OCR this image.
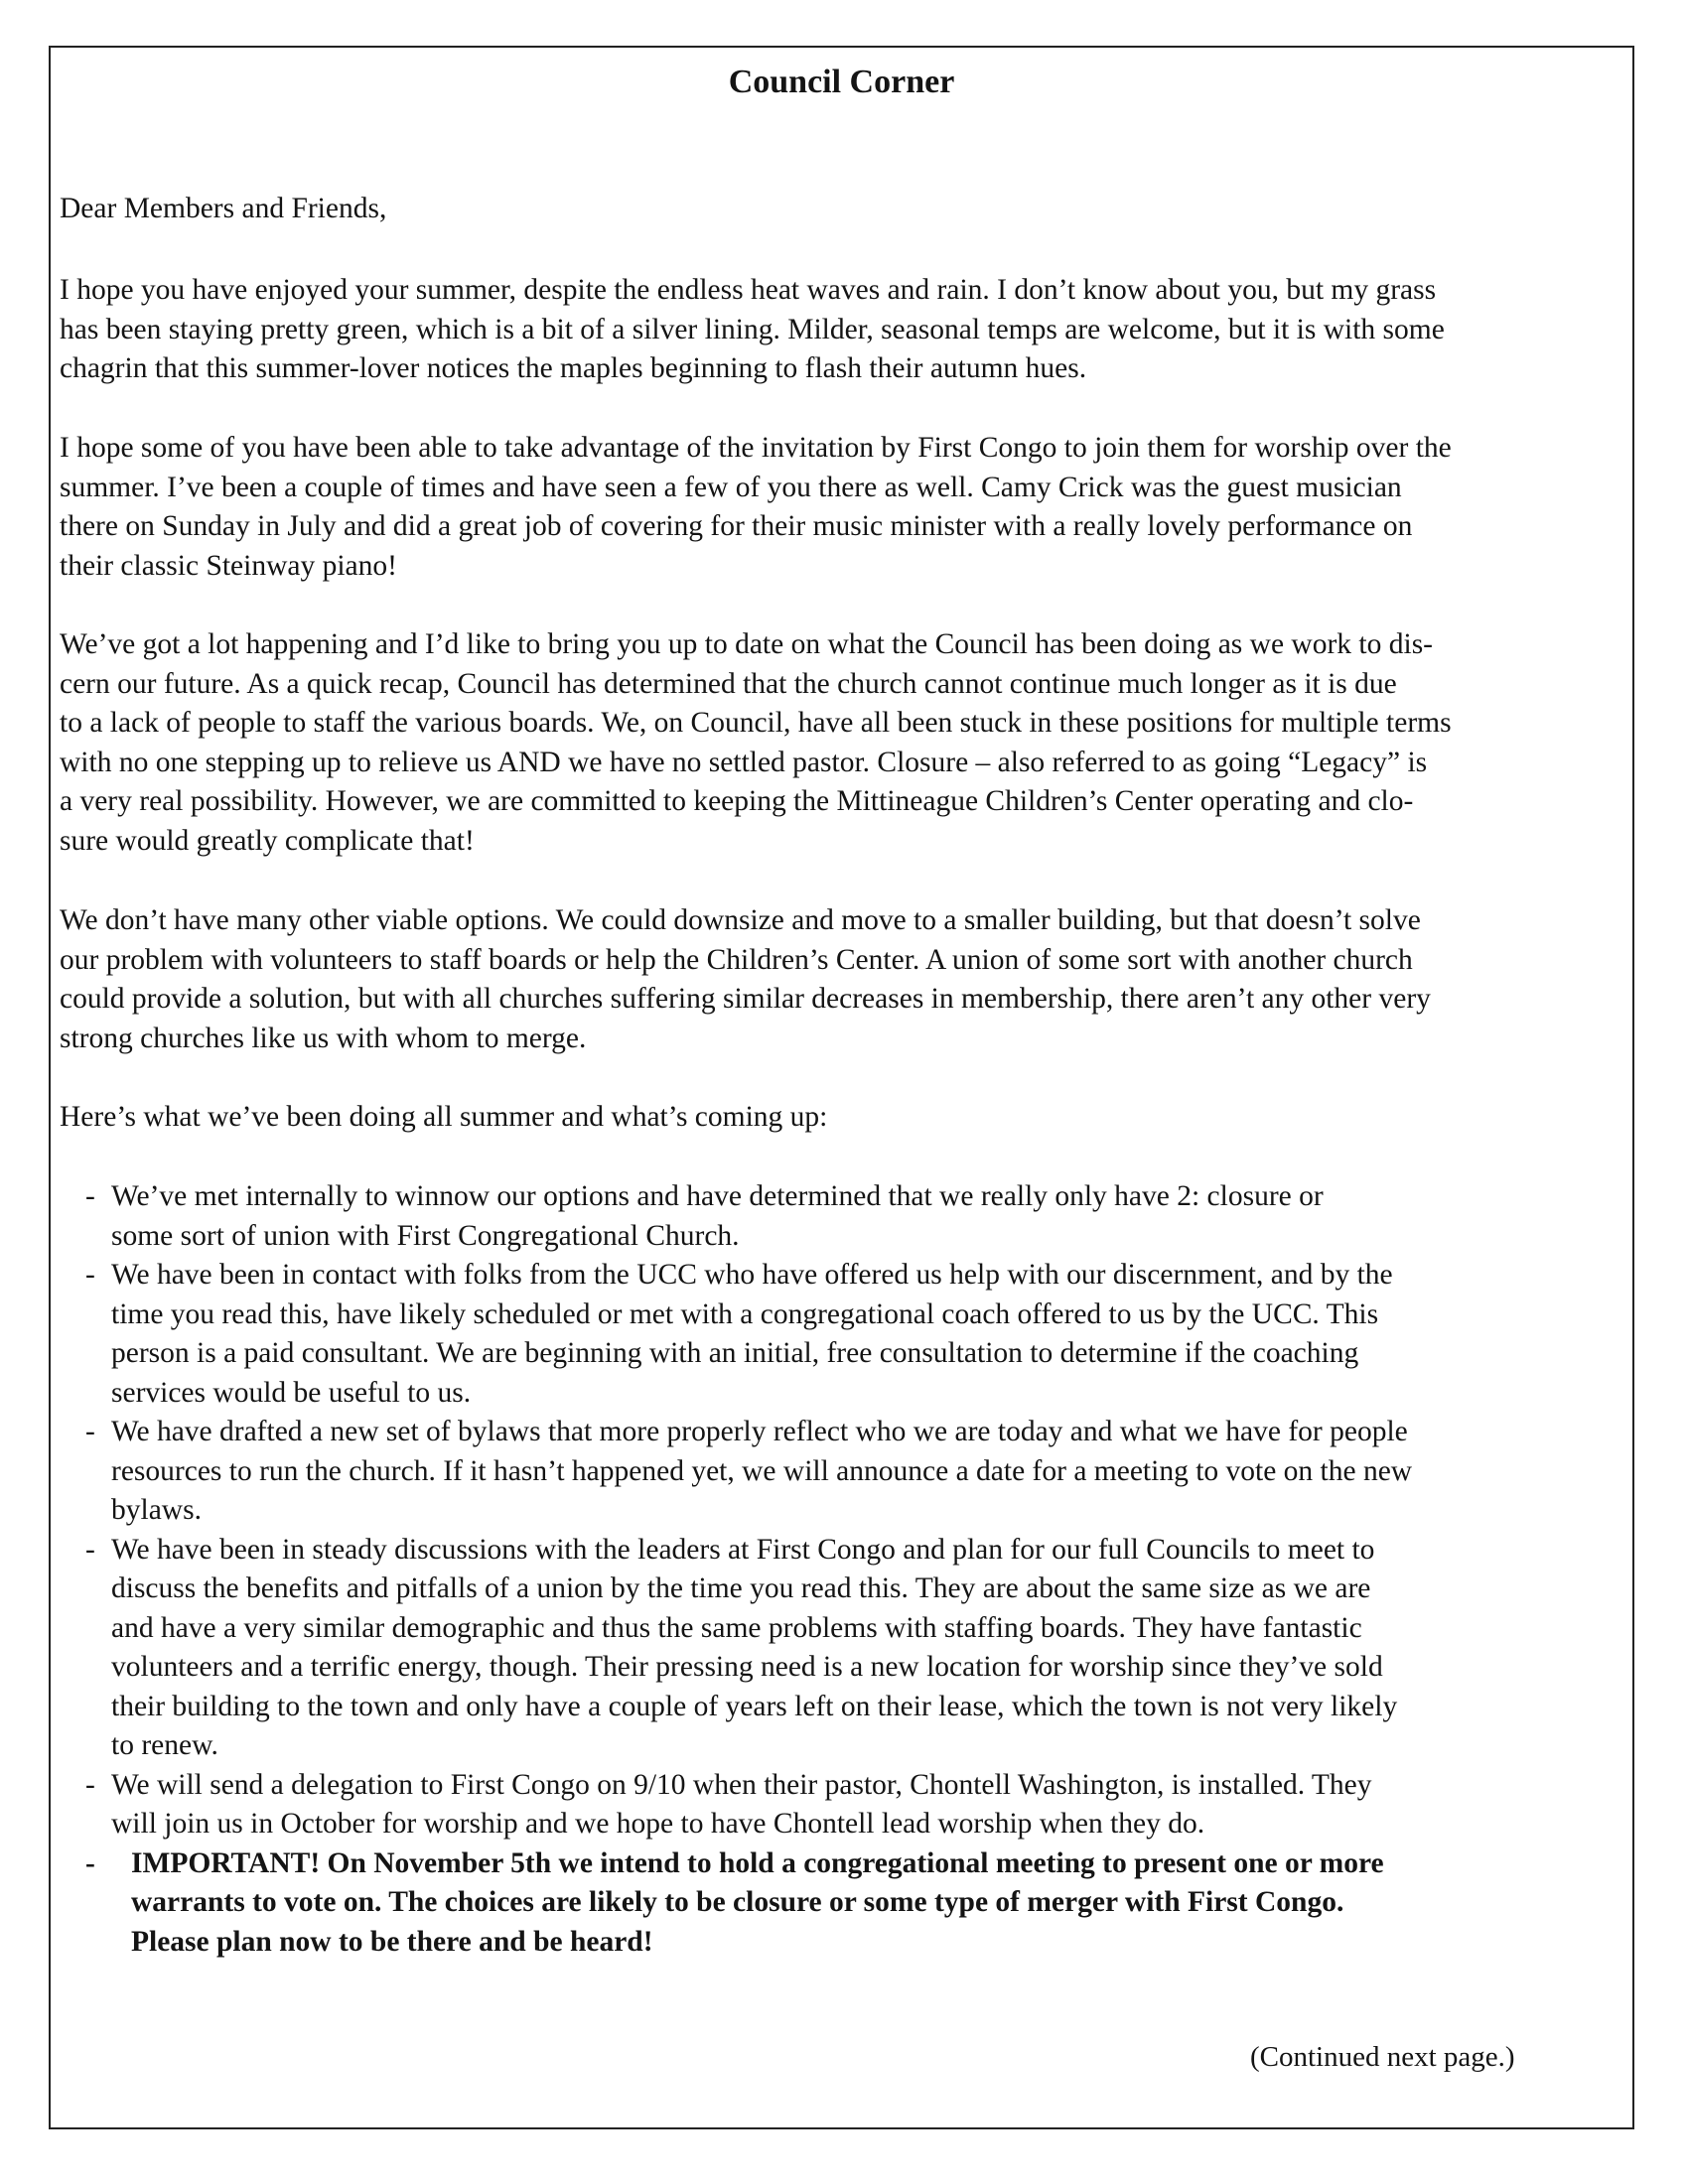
Council Corner
Dear Members and Friends,
I hope you have enjoyed your summer, despite the endless heat waves and rain. I don’t know about you, but my grass
has been staying pretty green, which is a bit of a silver lining. Milder, seasonal temps are welcome, but it is with some
chagrin that this summer-lover notices the maples beginning to flash their autumn hues.
I hope some of you have been able to take advantage of the invitation by First Congo to join them for worship over the
summer. I’ve been a couple of times and have seen a few of you there as well. Camy Crick was the guest musician
there on Sunday in July and did a great job of covering for their music minister with a really lovely performance on
their classic Steinway piano!
We’ve got a lot happening and I’d like to bring you up to date on what the Council has been doing as we work to dis-
cern our future. As a quick recap, Council has determined that the church cannot continue much longer as it is due
to a lack of people to staff the various boards. We, on Council, have all been stuck in these positions for multiple terms
with no one stepping up to relieve us AND we have no settled pastor. Closure – also referred to as going “Legacy” is
a very real possibility. However, we are committed to keeping the Mittineague Children’s Center operating and clo-
sure would greatly complicate that!
We don’t have many other viable options. We could downsize and move to a smaller building, but that doesn’t solve
our problem with volunteers to staff boards or help the Children’s Center. A union of some sort with another church
could provide a solution, but with all churches suffering similar decreases in membership, there aren’t any other very
strong churches like us with whom to merge.
Here’s what we’ve been doing all summer and what’s coming up:
- We’ve met internally to winnow our options and have determined that we really only have 2: closure or
some sort of union with First Congregational Church.
- We have been in contact with folks from the UCC who have offered us help with our discernment, and by the
time you read this, have likely scheduled or met with a congregational coach offered to us by the UCC. This
person is a paid consultant. We are beginning with an initial, free consultation to determine if the coaching
services would be useful to us.
- We have drafted a new set of bylaws that more properly reflect who we are today and what we have for people
resources to run the church. If it hasn’t happened yet, we will announce a date for a meeting to vote on the new
bylaws.
- We have been in steady discussions with the leaders at First Congo and plan for our full Councils to meet to
discuss the benefits and pitfalls of a union by the time you read this. They are about the same size as we are
and have a very similar demographic and thus the same problems with staffing boards. They have fantastic
volunteers and a terrific energy, though. Their pressing need is a new location for worship since they’ve sold
their building to the town and only have a couple of years left on their lease, which the town is not very likely
to renew.
- We will send a delegation to First Congo on 9/10 when their pastor, Chontell Washington, is installed. They
will join us in October for worship and we hope to have Chontell lead worship when they do.
- IMPORTANT! On November 5th we intend to hold a congregational meeting to present one or more
warrants to vote on. The choices are likely to be closure or some type of merger with First Congo.
Please plan now to be there and be heard!
(Continued next page.)
